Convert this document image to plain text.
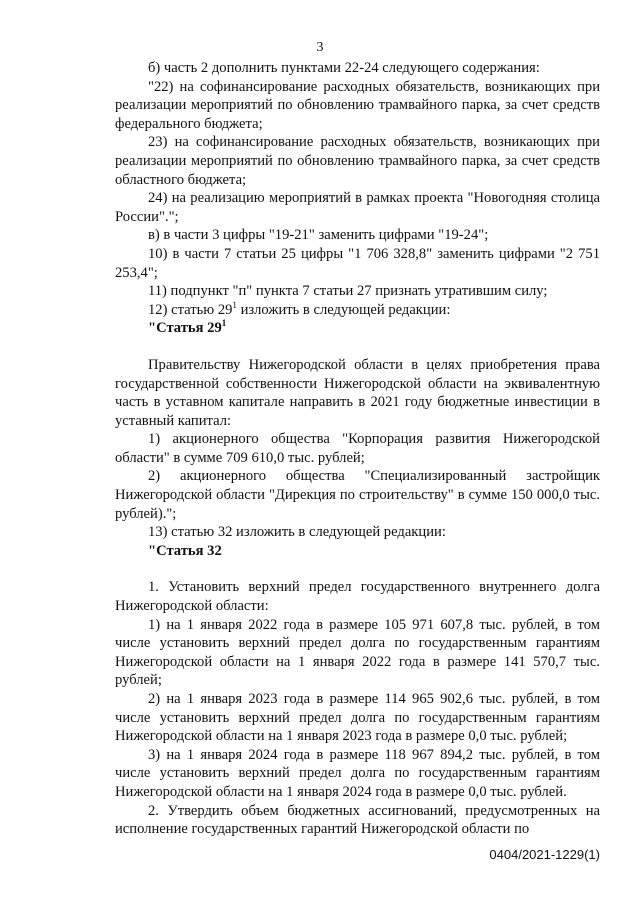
3

б) часть 2 дополнить пунктами 22-24 следующего содержания:

"22) на софинансирование расходных обязательств, возникающих при реализации мероприятий по обновлению трамвайного парка, за счет средств федерального бюджета;

23) на софинансирование расходных обязательств, возникающих при реализации мероприятий по обновлению трамвайного парка, за счет средств областного бюджета;

24) на реализацию мероприятий в рамках проекта "Новогодняя столица России".";

в) в части 3 цифры "19-21" заменить цифрами "19-24";

10) в части 7 статьи 25 цифры "1 706 328,8" заменить цифрами "2 751 253,4";

11) подпункт "п" пункта 7 статьи 27 признать утратившим силу;

12) статью $29^1$ изложить в следующей редакции:

"Статья $29^1$

Правительству Нижегородской области в целях приобретения права государственной собственности Нижегородской области на эквивалентную часть в уставном капитале направить в 2021 году бюджетные инвестиции в уставный капитал:

1) акционерного общества "Корпорация развития Нижегородской области" в сумме 709 610,0 тыс. рублей;

2) акционерного общества "Специализированный застройщик Нижегородской области "Дирекция по строительству" в сумме 150 000,0 тыс. рублей).";

13) статью 32 изложить в следующей редакции:

"Статья 32

1. Установить верхний предел государственного внутреннего долга Нижегородской области:

1) на 1 января 2022 года в размере 105 971 607,8 тыс. рублей, в том числе установить верхний предел долга по государственным гарантиям Нижегородской области на 1 января 2022 года в размере 141 570,7 тыс. рублей;

2) на 1 января 2023 года в размере 114 965 902,6 тыс. рублей, в том числе установить верхний предел долга по государственным гарантиям Нижегородской области на 1 января 2023 года в размере 0,0 тыс. рублей;

3) на 1 января 2024 года в размере 118 967 894,2 тыс. рублей, в том числе установить верхний предел долга по государственным гарантиям Нижегородской области на 1 января 2024 года в размере 0,0 тыс. рублей.

2. Утвердить объем бюджетных ассигнований, предусмотренных на исполнение государственных гарантий Нижегородской области по

0404/2021-1229(1)
